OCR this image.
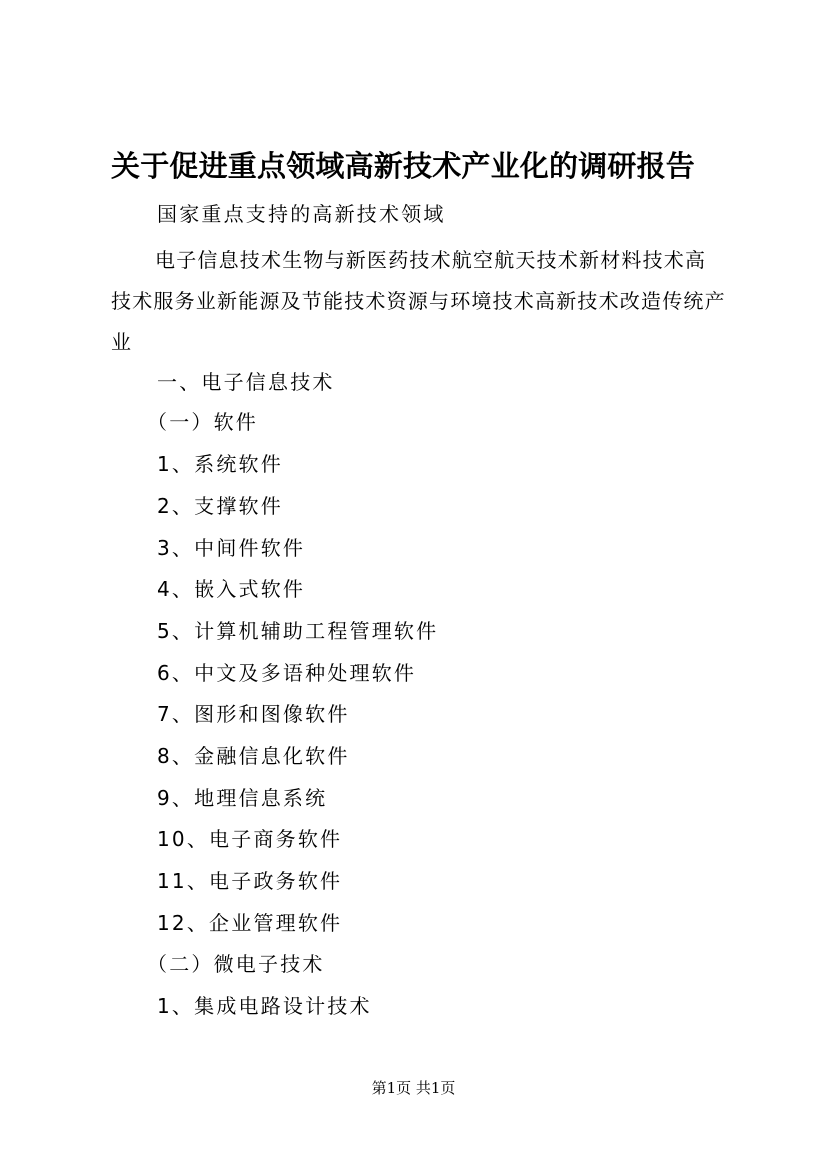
关于促进重点领域高新技术产业化的调研报告
国家重点支持的高新技术领域
电子信息技术生物与新医药技术航空航天技术新材料技术高技术服务业新能源及节能技术资源与环境技术高新技术改造传统产业
一、电子信息技术
（一）软件
1、系统软件
2、支撑软件
3、中间件软件
4、嵌入式软件
5、计算机辅助工程管理软件
6、中文及多语种处理软件
7、图形和图像软件
8、金融信息化软件
9、地理信息系统
10、电子商务软件
11、电子政务软件
12、企业管理软件
（二）微电子技术
1、集成电路设计技术
第1页 共1页
